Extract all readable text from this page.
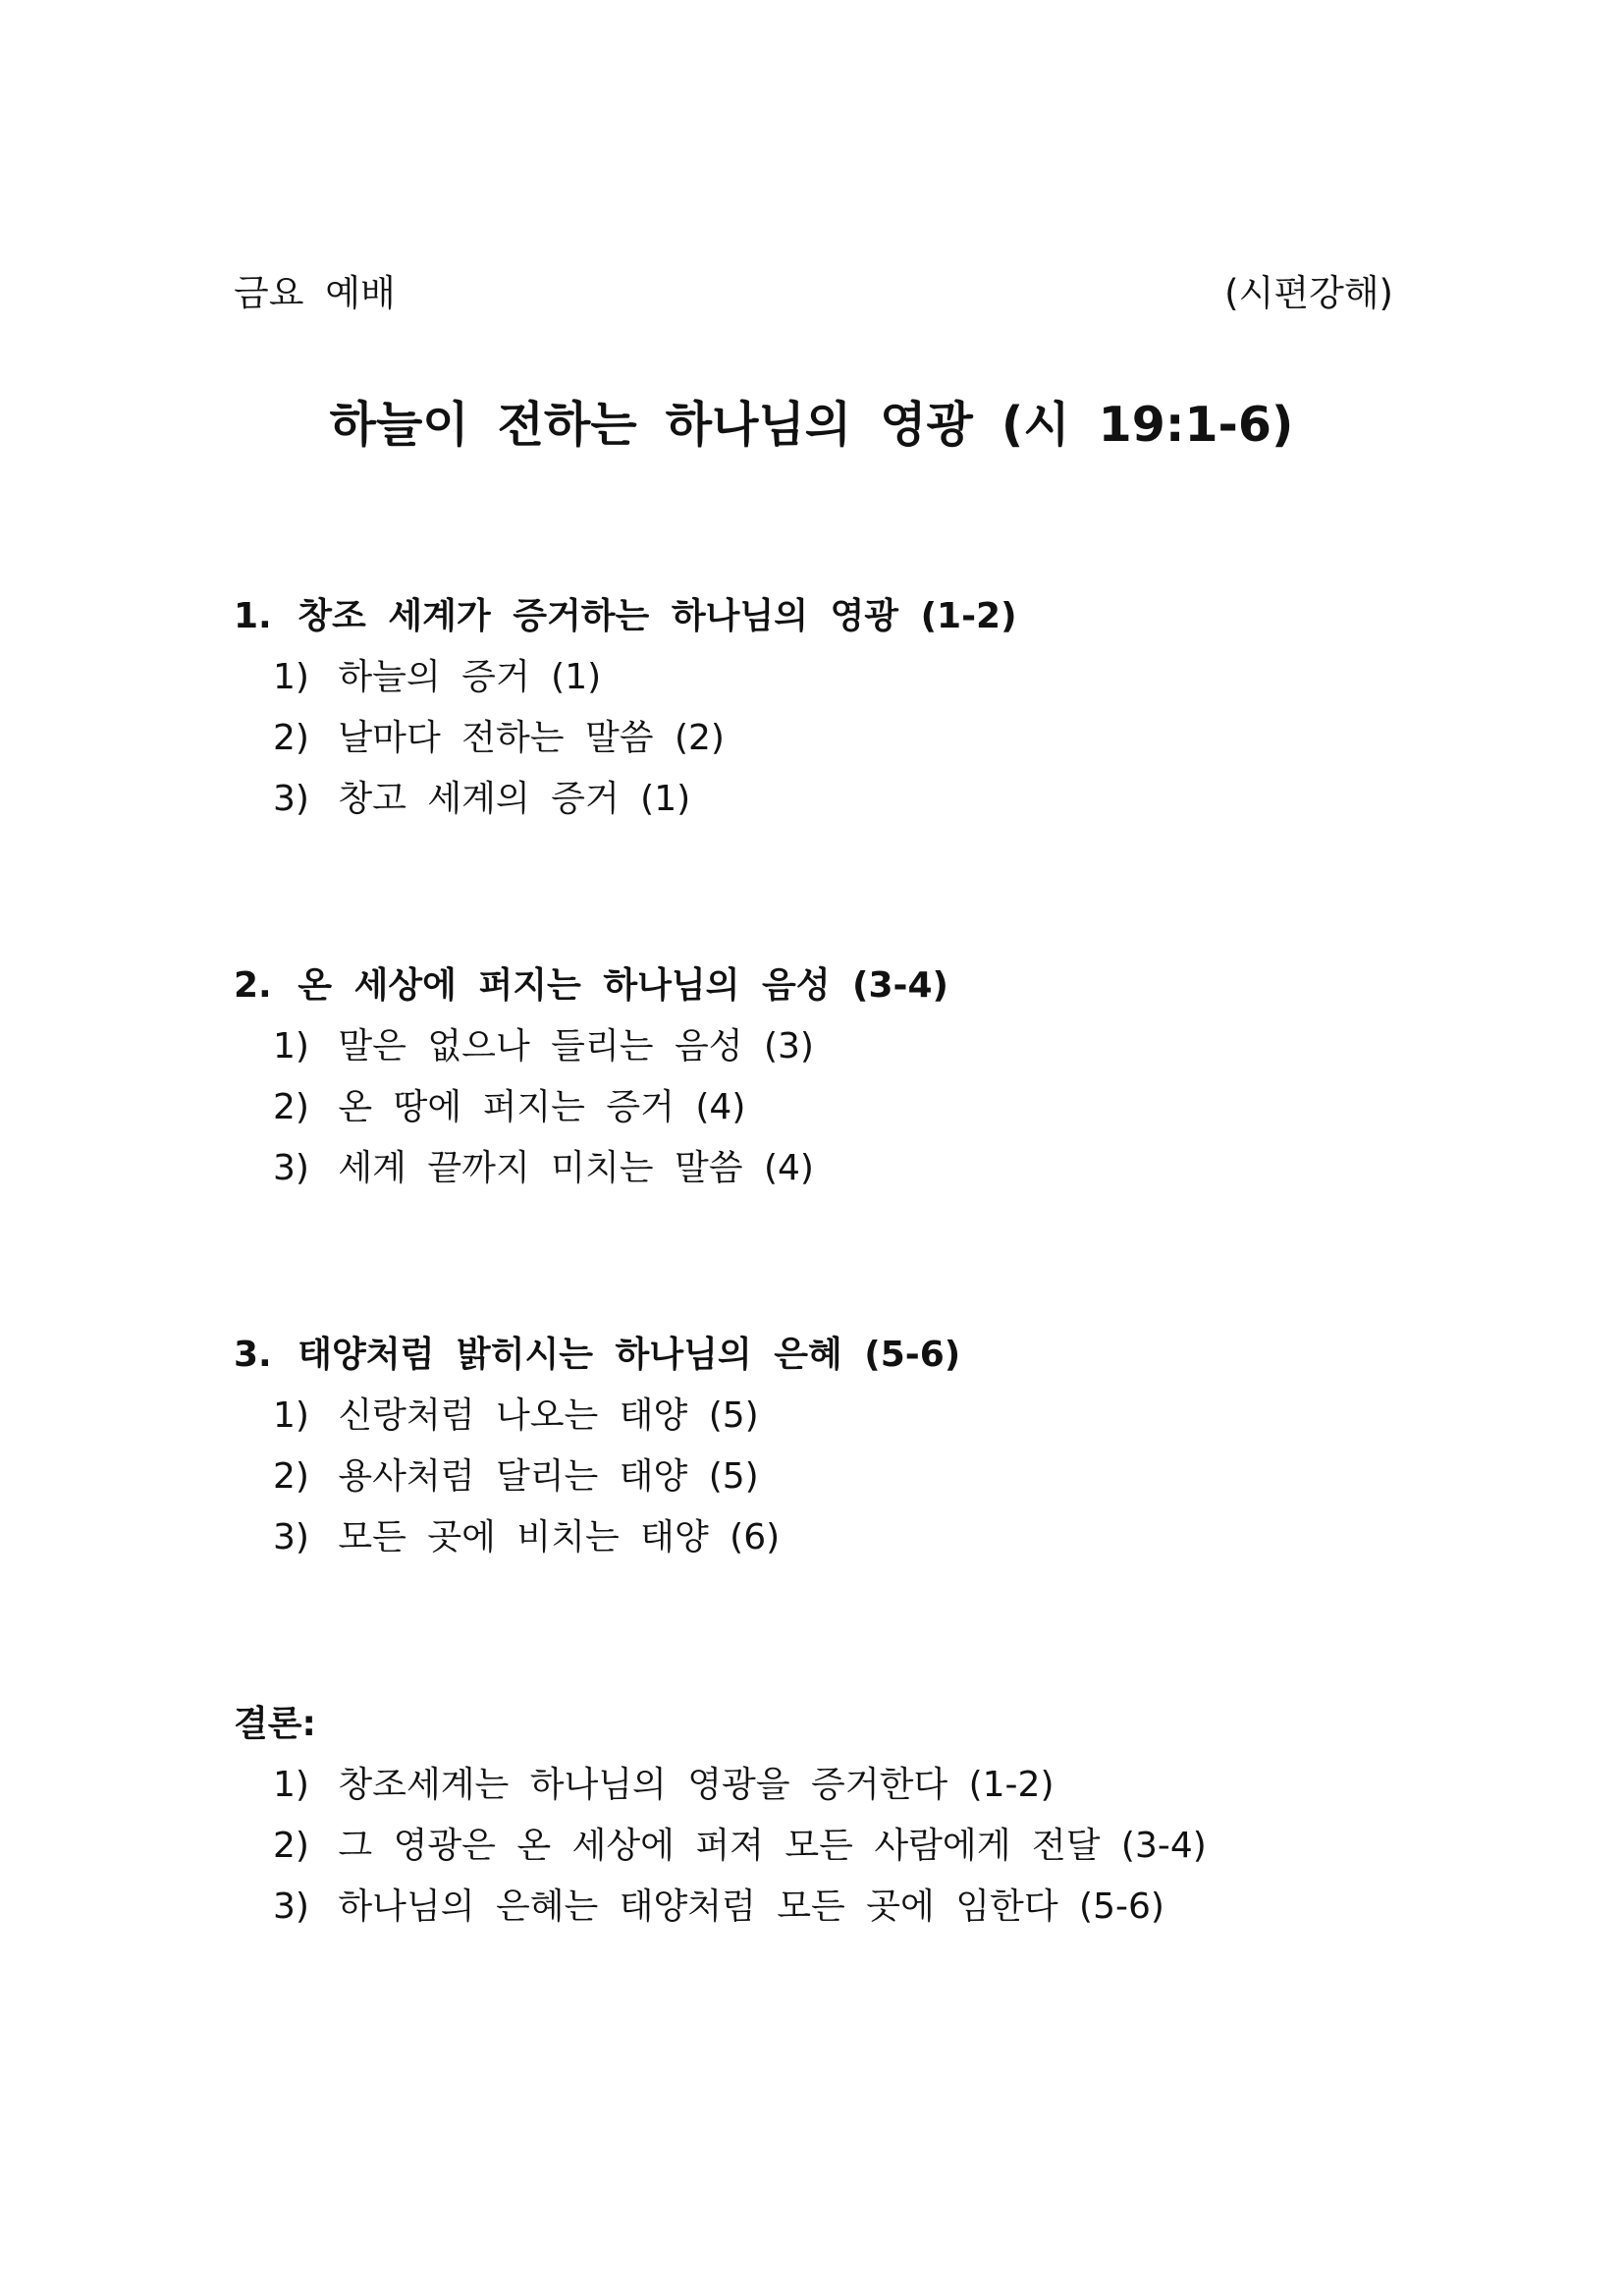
금요 예배	(시편강해)
하늘이 전하는 하나님의 영광 (시 19:1-6)
1. 창조 세계가 증거하는 하나님의 영광 (1-2)
1) 하늘의 증거 (1)
2) 날마다 전하는 말씀 (2)
3) 창고 세계의 증거 (1)
2. 온 세상에 퍼지는 하나님의 음성 (3-4)
1) 말은 없으나 들리는 음성 (3)
2) 온 땅에 퍼지는 증거 (4)
3) 세계 끝까지 미치는 말씀 (4)
3. 태양처럼 밝히시는 하나님의 은혜 (5-6)
1) 신랑처럼 나오는 태양 (5)
2) 용사처럼 달리는 태양 (5)
3) 모든 곳에 비치는 태양 (6)
결론:
1) 창조세계는 하나님의 영광을 증거한다 (1-2)
2) 그 영광은 온 세상에 퍼져 모든 사람에게 전달 (3-4)
3) 하나님의 은혜는 태양처럼 모든 곳에 임한다 (5-6)
